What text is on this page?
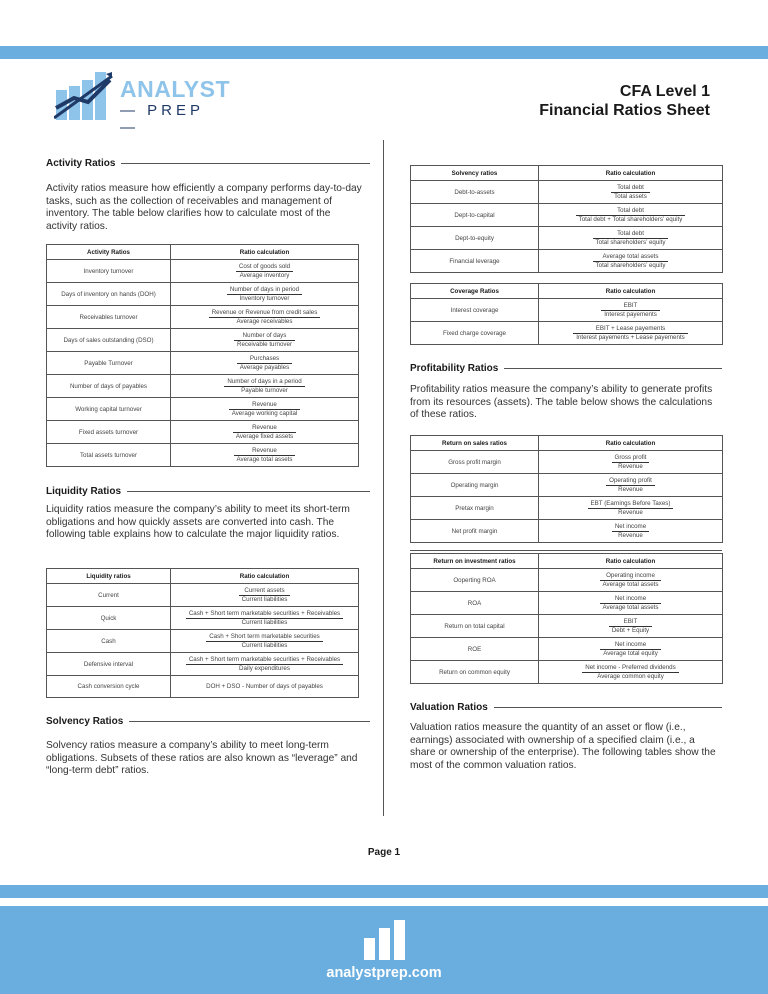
ANALYST
— PREP—
CFA Level 1
Financial Ratios Sheet
Activity Ratios
Activity ratios measure how efficiently a company performs day-to-day tasks, such as the collection of receivables and management of inventory. The table below clarifies how to calculate most of the activity ratios.
Activity Ratios	Ratio calculation
Inventory turnover	$\frac{\text{Cost of goods sold}}{\text{Average inventory}}$

Days of inventory on hands (DOH)	$\frac{\text{Number of days in period}}{\text{Inventory turnover}}$

Receivables turnover	$\frac{\text{Revenue or Revenue from credit sales}}{\text{Average receivables}}$

Days of sales outstanding (DSO)	$\frac{\text{Number of days}}{\text{Receivable turnover}}$

Payable Turnover	$\frac{\text{Purchases}}{\text{Average payables}}$

Number of days of payables	$\frac{\text{Number of days in a period}}{\text{Payable turnover}}$

Working capital turnover	$\frac{\text{Revenue}}{\text{Average working capital}}$

Fixed assets turnover	$\frac{\text{Revenue}}{\text{Average fixed assets}}$

Total assets turnover	$\frac{\text{Revenue}}{\text{Average total assets}}$
Liquidity Ratios
Liquidity ratios measure the company’s ability to meet its short-term obligations and how quickly assets are converted into cash. The following table explains how to calculate the major liquidity ratios.
Liquidity ratios	Ratio calculation
Current	$\frac{\text{Current assets}}{\text{Current liabilities}}$

Quick	$\frac{\text{Cash + Short term marketable securities + Receivables}}{\text{Current liabilities}}$

Cash	$\frac{\text{Cash + Short term marketable securities}}{\text{Current liabilities}}$

Defensive interval	$\frac{\text{Cash + Short term marketable securities + Receivables}}{\text{Daily expenditures}}$

Cash conversion cycle	DOH + DSO - Number of days of payables
Solvency Ratios
Solvency ratios measure a company’s ability to meet long-term obligations. Subsets of these ratios are also known as “leverage” and “long-term debt” ratios.
Solvency ratios	Ratio calculation
Debt-to-assets	$\frac{\text{Total debt}}{\text{Total assets}}$

Dept-to-capital	$\frac{\text{Total debt}}{\text{Total debt + Total shareholders’ equity}}$

Dept-to-equity	$\frac{\text{Total debt}}{\text{Total shareholders’ equity}}$

Financial leverage	$\frac{\text{Average total assets}}{\text{Total shareholders’ equity}}$
Coverage Ratios	Ratio calculation
Interest coverage	$\frac{\text{EBIT}}{\text{Interest payements}}$

Fixed charge coverage	$\frac{\text{EBIT + Lease payements}}{\text{Interest payements + Lease payements}}$
Profitability Ratios
Profitability ratios measure the company’s ability to generate profits from its resources (assets). The table below shows the calculations of these ratios.
Return on sales ratios	Ratio calculation
Gross profit margin	$\frac{\text{Gross profit}}{\text{Revenue}}$

Operating margin	$\frac{\text{Operating profit}}{\text{Revenue}}$

Pretax margin	$\frac{\text{EBT (Earnings Before Taxes)}}{\text{Revenue}}$

Net profit margin	$\frac{\text{Net income}}{\text{Revenue}}$
Return on investment ratios	Ratio calculation
Ooperting ROA	$\frac{\text{Operating income}}{\text{Average total assets}}$

ROA	$\frac{\text{Net income}}{\text{Average total assets}}$

Return on total capital	$\frac{\text{EBIT}}{\text{Debt + Equity}}$

ROE	$\frac{\text{Net income}}{\text{Average total equity}}$

Return on common equity	$\frac{\text{Net income - Preferred dividends}}{\text{Average common equity}}$
Valuation Ratios
Valuation ratios measure the quantity of an asset or flow (i.e., earnings) associated with ownership of a specified claim (i.e., a share or ownership of the enterprise). The following tables show the most of the common valuation ratios.
Page 1
analystprep.com
